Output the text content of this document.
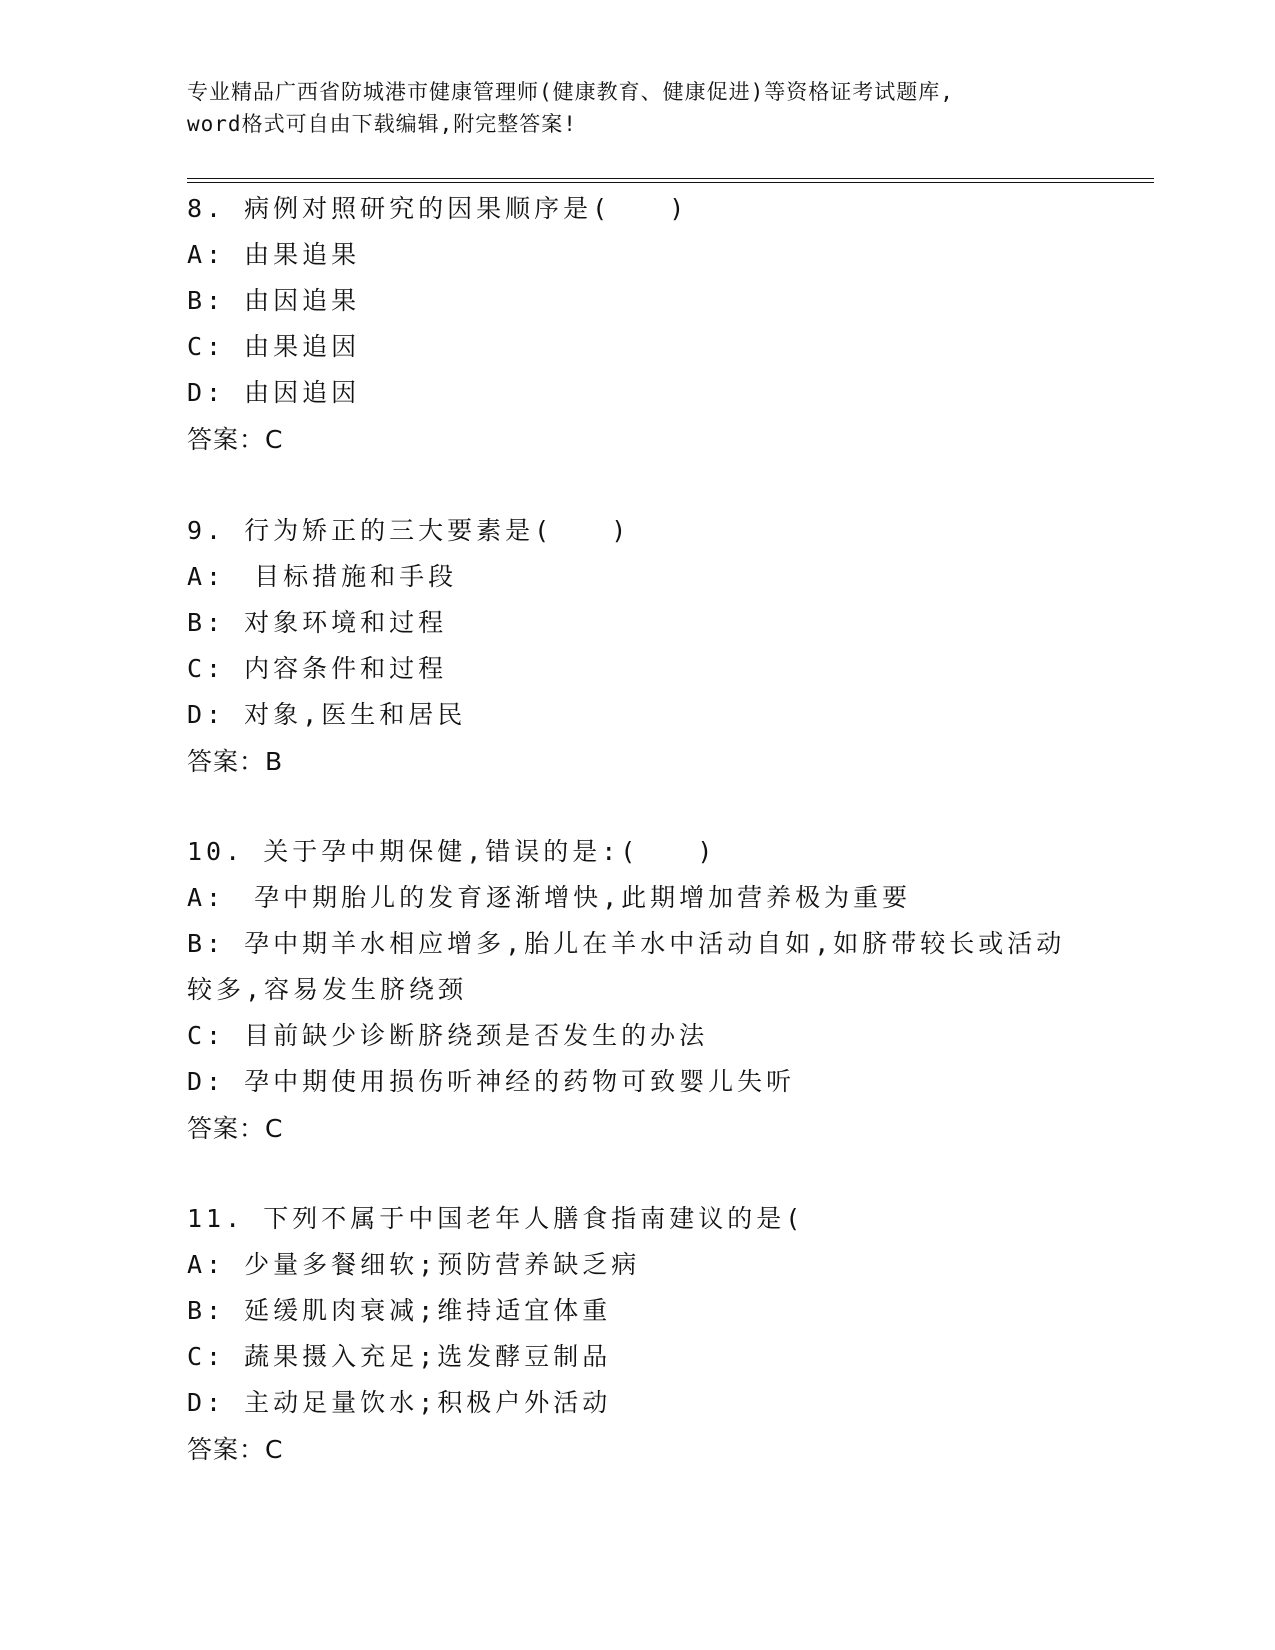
专业精品广西省防城港市健康管理师(健康教育、健康促进)等资格证考试题库,
word格式可自由下载编辑,附完整答案!
8. 病例对照研究的因果顺序是(　　)
A: 由果追果
B: 由因追果
C: 由果追因
D: 由因追因
答案：C
9. 行为矫正的三大要素是(　　)
A:　目标措施和手段
B: 对象环境和过程
C: 内容条件和过程
D: 对象,医生和居民
答案：B
10. 关于孕中期保健,错误的是:(　　)
A:　孕中期胎儿的发育逐渐增快,此期增加营养极为重要
B: 孕中期羊水相应增多,胎儿在羊水中活动自如,如脐带较长或活动较多,容易发生脐绕颈
C: 目前缺少诊断脐绕颈是否发生的办法
D: 孕中期使用损伤听神经的药物可致婴儿失听
答案：C
11. 下列不属于中国老年人膳食指南建议的是(
A: 少量多餐细软;预防营养缺乏病
B: 延缓肌肉衰减;维持适宜体重
C: 蔬果摄入充足;选发酵豆制品
D: 主动足量饮水;积极户外活动
答案：C
